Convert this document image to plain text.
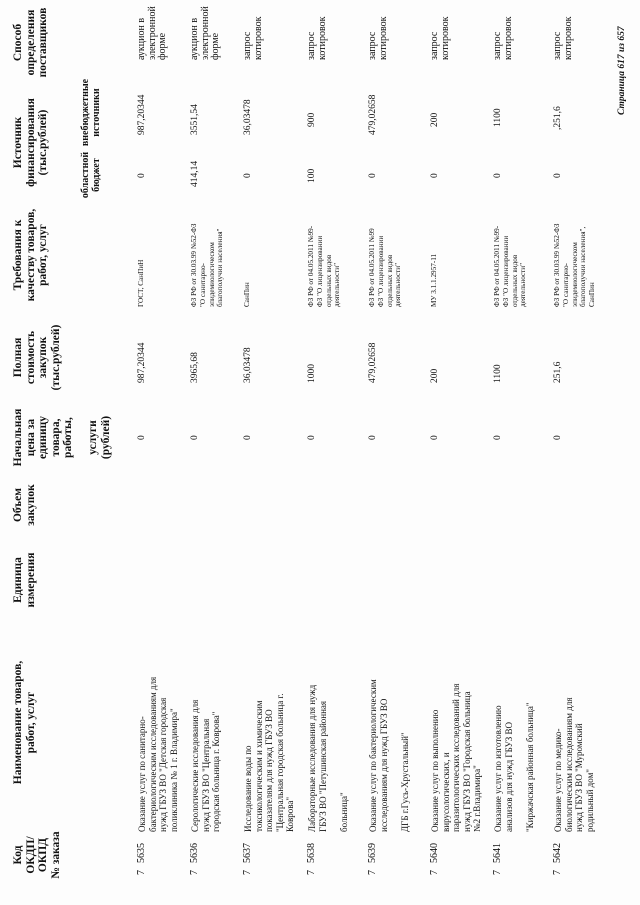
Код
ОКДП/
ОКПД
№ заказа
Наименование товаров,
работ, услуг
Единица
измерения
Объем
закупок
Начальная
цена за
единицу
товара,
работы,

услуги
(рублей)
Полная
стоимость
закупок
(тыс.рублей)
Требования к
качеству товаров,
работ, услуг
Источник
финансирования
(тыс.рублей)	областной
бюджет
внебюджетные
источники
Способ
определения
поставщиков
7
5635
Оказание услуг по санитарно-
бактериологическим исследованиям для
нужд ГБУЗ ВО "Детская городская
поликлиника № 1 г. Владимира"
0
987,20344
ГОСТ, СанПиН
0
987,20344
аукцион в
электронной
форме
7
5636
Серологические исследования для
нужд ГБУЗ ВО "Центральная
городская больница г. Коврова"
0
3965,68
ФЗ РФ от 30.03.99 №52-ФЗ
"О санитарно-
эпидемиологическом
благополучии населения"
414,14
3551,54
аукцион в
электронной
форме
7
5637
Исследование воды по
токсикологическим и химическим
показателям для нужд ГБУЗ ВО
"Центральная городская больница г.
Коврова"
0
36,03478
СанПин
0
36,03478
запрос
котировок
7
5638
Лабораторные исследования для нужд
ГБУЗ ВО "Петушинская районная

больница"
0
1000
ФЗ РФ от 04.05.2011 №99-
ФЗ "О лицензировании
отдельных видов
деятельности"
100
900
запрос
котировок
7
5639
Оказание услуг по бактериологическим
исследованиям для нужд ГБУЗ ВО

ДГБ г.Гусь-Хрустальный"
0
479,02658
ФЗ РФ от 04.05.2011 №99
ФЗ "О лицензировании
отдельных видов
деятельности"
0
479,02658
запрос
котировок
7
5640
Оказание услуг по выполнению
вирусологических, и
паразитологических исследований для
нужд ГБУЗ ВО "Городская больница
№2 г.Владимира"
0
200
МУ 3.1.1.2957-11
0
200
запрос
котировок
7
5641
Оказание услуг по изготовлению
анализов для нужд ГБУЗ ВО

"Киржачская районная больница"
0
1100
ФЗ РФ от 04.05.2011 №99-
ФЗ "О лицензировании
отдельных видов
деятельности"
0
1100
запрос
котировок
7
5642
Оказание услуг по медико-
биологическим исследованиям для
нужд ГБУЗ ВО "Муромский
родильный дом"
0
251,6
ФЗ РФ от 30.03.99 №52-ФЗ
"О санитарно-
эпидемиологическом
благополучии населения",
СанПин
0
,251,6
запрос
котировок	Страница 617 из 657
